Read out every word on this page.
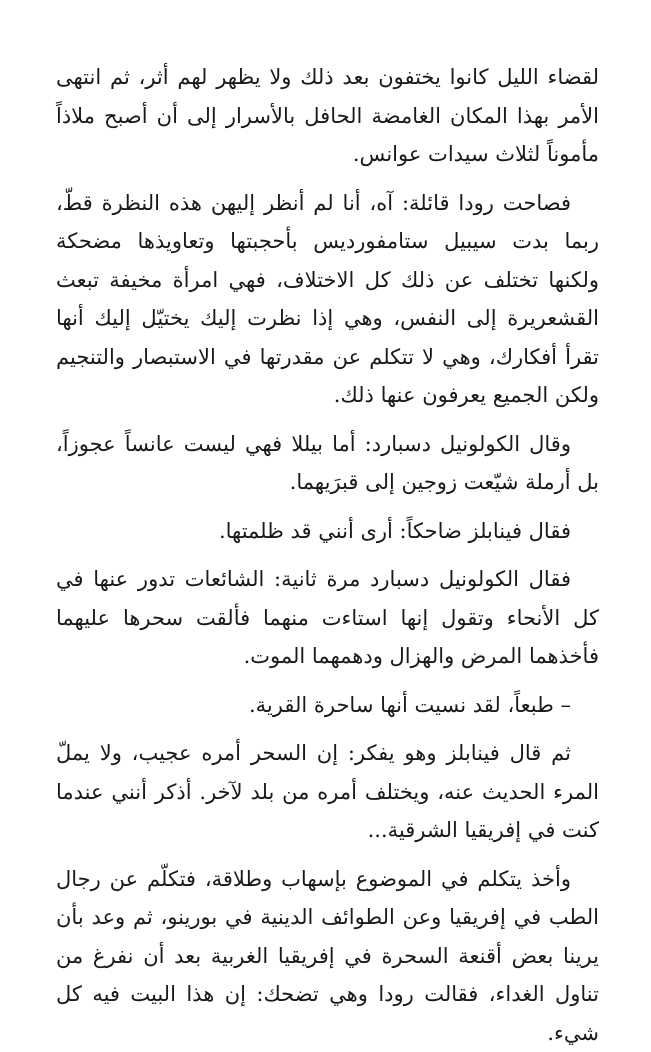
لقضاء الليل كانوا يختفون بعد ذلك ولا يظهر لهم أثر، ثم انتهى الأمر بهذا المكان الغامضة الحافل بالأسرار إلى أن أصبح ملاذاً مأموناً لثلاث سيدات عوانس.

فصاحت رودا قائلة: آه، أنا لم أنظر إليهن هذه النظرة قطّ، ربما بدت سيبيل ستامفورديس بأحجبتها وتعاويذها مضحكة ولكنها تختلف عن ذلك كل الاختلاف، فهي امرأة مخيفة تبعث القشعريرة إلى النفس، وهي إذا نظرت إليك يختيّل إليك أنها تقرأ أفكارك، وهي لا تتكلم عن مقدرتها في الاستبصار والتنجيم ولكن الجميع يعرفون عنها ذلك.

وقال الكولونيل دسبارد: أما بيللا فهي ليست عانساً عجوزاً، بل أرملة شيّعت زوجين إلى قبرَيهما.

فقال فينابلز ضاحكاً: أرى أنني قد ظلمتها.

فقال الكولونيل دسبارد مرة ثانية: الشائعات تدور عنها في كل الأنحاء وتقول إنها استاءت منهما فألقت سحرها عليهما فأخذهما المرض والهزال ودهمهما الموت.

– طبعاً، لقد نسيت أنها ساحرة القرية.

ثم قال فينابلز وهو يفكر: إن السحر أمره عجيب، ولا يملّ المرء الحديث عنه، ويختلف أمره من بلد لآخر. أذكر أنني عندما كنت في إفريقيا الشرقية...

وأخذ يتكلم في الموضوع بإسهاب وطلاقة، فتكلّم عن رجال الطب في إفريقيا وعن الطوائف الدينية في بورينو، ثم وعد بأن يرينا بعض أقنعة السحرة في إفريقيا الغربية بعد أن نفرغ من تناول الغداء، فقالت رودا وهي تضحك: إن هذا البيت فيه كل شيء.
